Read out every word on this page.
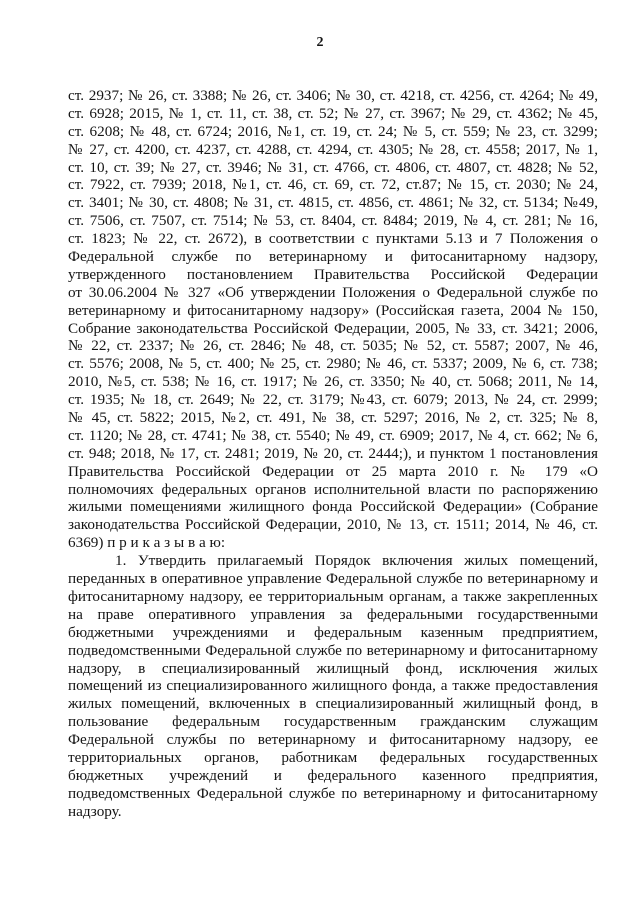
2
ст. 2937; № 26, ст. 3388; № 26, ст. 3406; № 30, ст. 4218, ст. 4256, ст. 4264; № 49,
ст. 6928; 2015, № 1, ст. 11, ст. 38, ст. 52; № 27, ст. 3967; № 29, ст. 4362; № 45,
ст. 6208; № 48, ст. 6724; 2016, №1, ст. 19, ст. 24; № 5, ст. 559; № 23, ст. 3299;
№ 27, ст. 4200, ст. 4237, ст. 4288, ст. 4294, ст. 4305; № 28, ст. 4558; 2017, № 1,
ст. 10, ст. 39; № 27, ст. 3946; № 31, ст. 4766, ст. 4806, ст. 4807, ст. 4828; № 52,
ст. 7922, ст. 7939; 2018, №1, ст. 46, ст. 69, ст. 72, ст.87; № 15, ст. 2030; № 24,
ст. 3401; № 30, ст. 4808; № 31, ст. 4815, ст. 4856, ст. 4861; № 32, ст. 5134; №49,
ст. 7506, ст. 7507, ст. 7514; № 53, ст. 8404, ст. 8484; 2019, № 4, ст. 281; № 16,
ст. 1823; № 22, ст. 2672), в соответствии с пунктами 5.13 и 7 Положения о
Федеральной службе по ветеринарному и фитосанитарному надзору,
утвержденного постановлением Правительства Российской Федерации
от 30.06.2004 № 327 «Об утверждении Положения о Федеральной службе по
ветеринарному и фитосанитарному надзору» (Российская газета, 2004 № 150,
Собрание законодательства Российской Федерации, 2005, № 33, ст. 3421; 2006,
№ 22, ст. 2337; № 26, ст. 2846; № 48, ст. 5035; № 52, ст. 5587; 2007, № 46,
ст. 5576; 2008, № 5, ст. 400; № 25, ст. 2980; № 46, ст. 5337; 2009, № 6, ст. 738;
2010, №5, ст. 538; № 16, ст. 1917; № 26, ст. 3350; № 40, ст. 5068; 2011, № 14,
ст. 1935; № 18, ст. 2649; № 22, ст. 3179; №43, ст. 6079; 2013, № 24, ст. 2999;
№ 45, ст. 5822; 2015, №2, ст. 491, № 38, ст. 5297; 2016, № 2, ст. 325; № 8,
ст. 1120; № 28, ст. 4741; № 38, ст. 5540; № 49, ст. 6909; 2017, № 4, ст. 662; № 6,
ст. 948; 2018, № 17, ст. 2481; 2019, № 20, ст. 2444;), и пунктом 1 постановления
Правительства Российской Федерации от 25 марта 2010 г. № 179 «О
полномочиях федеральных органов исполнительной власти по распоряжению
жилыми помещениями жилищного фонда Российской Федерации» (Собрание
законодательства Российской Федерации, 2010, № 13, ст. 1511; 2014, № 46, ст.
6369) п р и к а з ы в а ю:
1. Утвердить прилагаемый Порядок включения жилых помещений,
переданных в оперативное управление Федеральной службе по ветеринарному и
фитосанитарному надзору, ее территориальным органам, а также закрепленных
на праве оперативного управления за федеральными государственными
бюджетными учреждениями и федеральным казенным предприятием,
подведомственными Федеральной службе по ветеринарному и фитосанитарному
надзору, в специализированный жилищный фонд, исключения жилых
помещений из специализированного жилищного фонда, а также предоставления
жилых помещений, включенных в специализированный жилищный фонд, в
пользование федеральным государственным гражданским служащим
Федеральной службы по ветеринарному и фитосанитарному надзору, ее
территориальных органов, работникам федеральных государственных
бюджетных учреждений и федерального казенного предприятия,
подведомственных Федеральной службе по ветеринарному и фитосанитарному
надзору.
